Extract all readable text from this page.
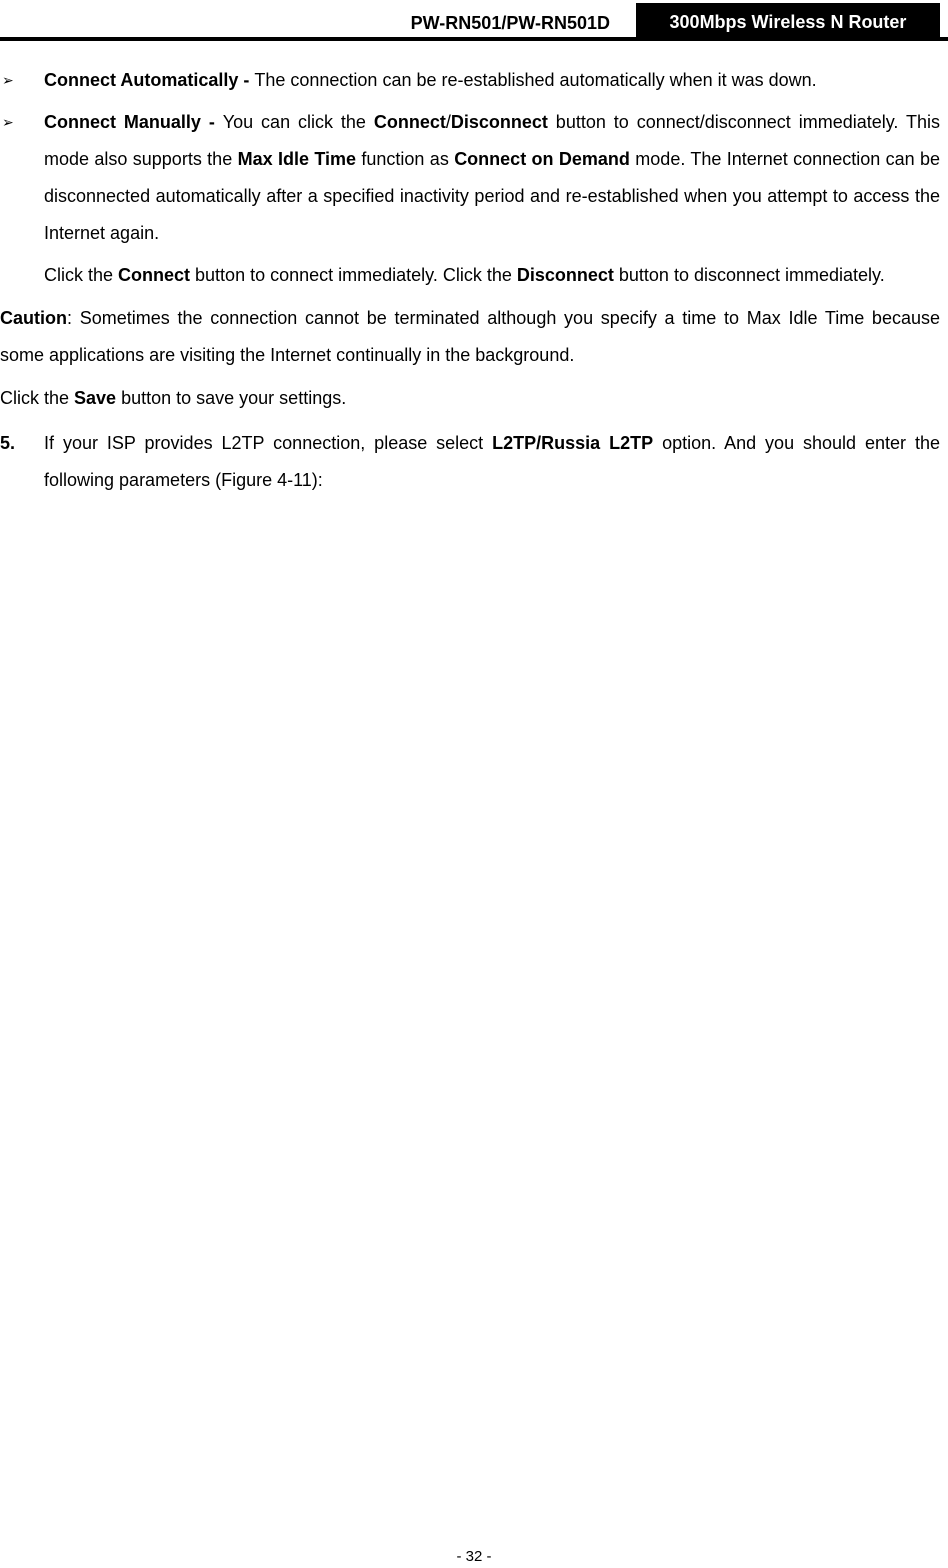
PW-RN501/PW-RN501D	300Mbps Wireless N Router

➢ Connect Automatically - The connection can be re-established automatically when it was down.

➢ Connect Manually - You can click the Connect/Disconnect button to connect/disconnect immediately. This mode also supports the Max Idle Time function as Connect on Demand mode. The Internet connection can be disconnected automatically after a specified inactivity period and re-established when you attempt to access the Internet again.

Click the Connect button to connect immediately. Click the Disconnect button to disconnect immediately.

Caution: Sometimes the connection cannot be terminated although you specify a time to Max Idle Time because some applications are visiting the Internet continually in the background.

Click the Save button to save your settings.

5. If your ISP provides L2TP connection, please select L2TP/Russia L2TP option. And you should enter the following parameters (Figure 4-11):

- 32 -
